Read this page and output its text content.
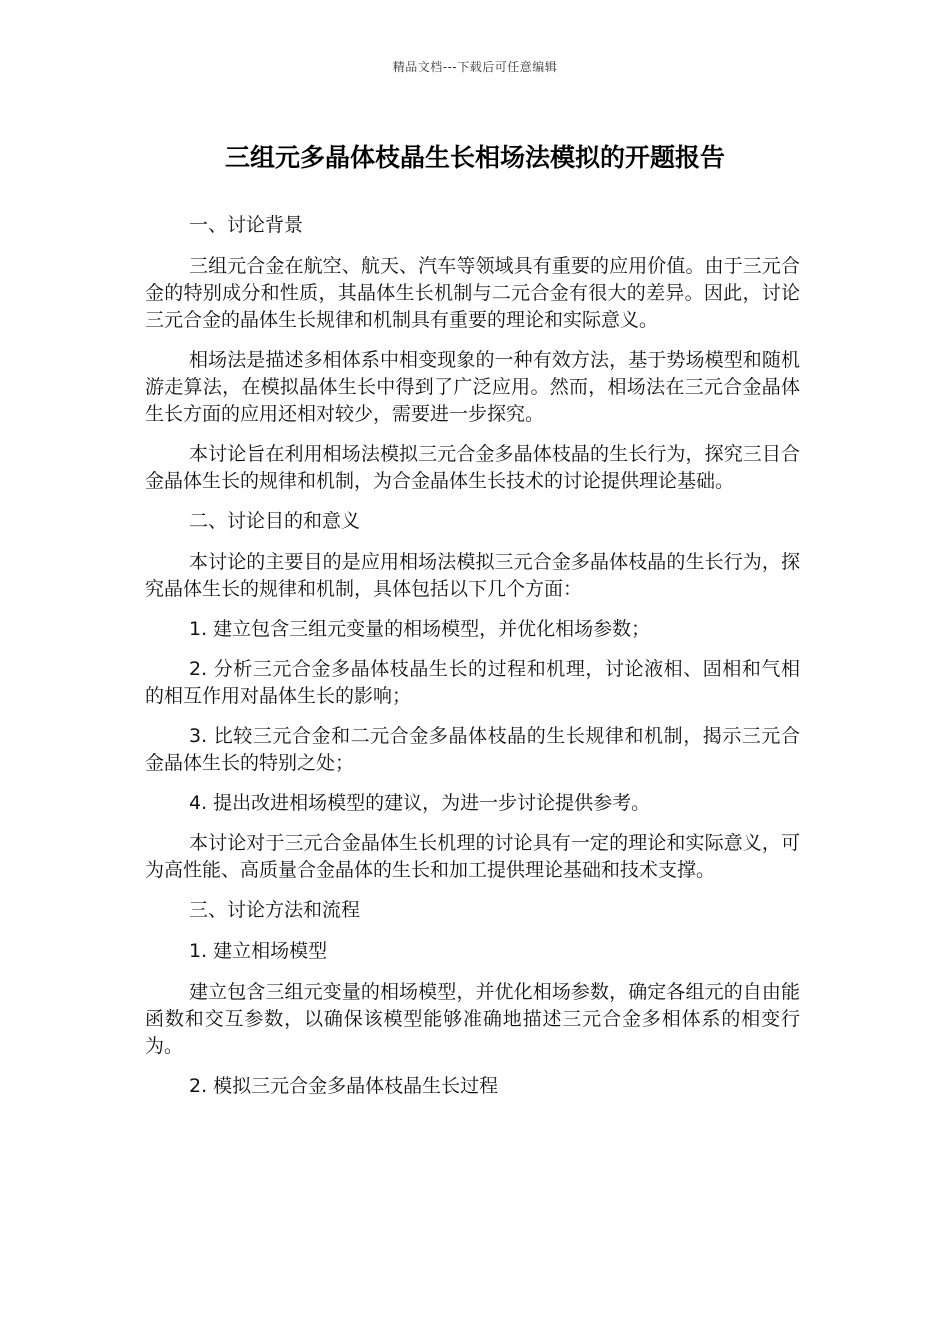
精品文档---下载后可任意编辑
三组元多晶体枝晶生长相场法模拟的开题报告

一、讨论背景

三组元合金在航空、航天、汽车等领域具有重要的应用价值。由于三元合金的特别成分和性质，其晶体生长机制与二元合金有很大的差异。因此，讨论三元合金的晶体生长规律和机制具有重要的理论和实际意义。

相场法是描述多相体系中相变现象的一种有效方法，基于势场模型和随机游走算法，在模拟晶体生长中得到了广泛应用。然而，相场法在三元合金晶体生长方面的应用还相对较少，需要进一步探究。

本讨论旨在利用相场法模拟三元合金多晶体枝晶的生长行为，探究三目合金晶体生长的规律和机制，为合金晶体生长技术的讨论提供理论基础。

二、讨论目的和意义

本讨论的主要目的是应用相场法模拟三元合金多晶体枝晶的生长行为，探究晶体生长的规律和机制，具体包括以下几个方面：

1. 建立包含三组元变量的相场模型，并优化相场参数；

2. 分析三元合金多晶体枝晶生长的过程和机理，讨论液相、固相和气相的相互作用对晶体生长的影响；

3. 比较三元合金和二元合金多晶体枝晶的生长规律和机制，揭示三元合金晶体生长的特别之处；

4. 提出改进相场模型的建议，为进一步讨论提供参考。

本讨论对于三元合金晶体生长机理的讨论具有一定的理论和实际意义，可为高性能、高质量合金晶体的生长和加工提供理论基础和技术支撑。

三、讨论方法和流程

1. 建立相场模型

建立包含三组元变量的相场模型，并优化相场参数，确定各组元的自由能函数和交互参数，以确保该模型能够准确地描述三元合金多相体系的相变行为。

2. 模拟三元合金多晶体枝晶生长过程
